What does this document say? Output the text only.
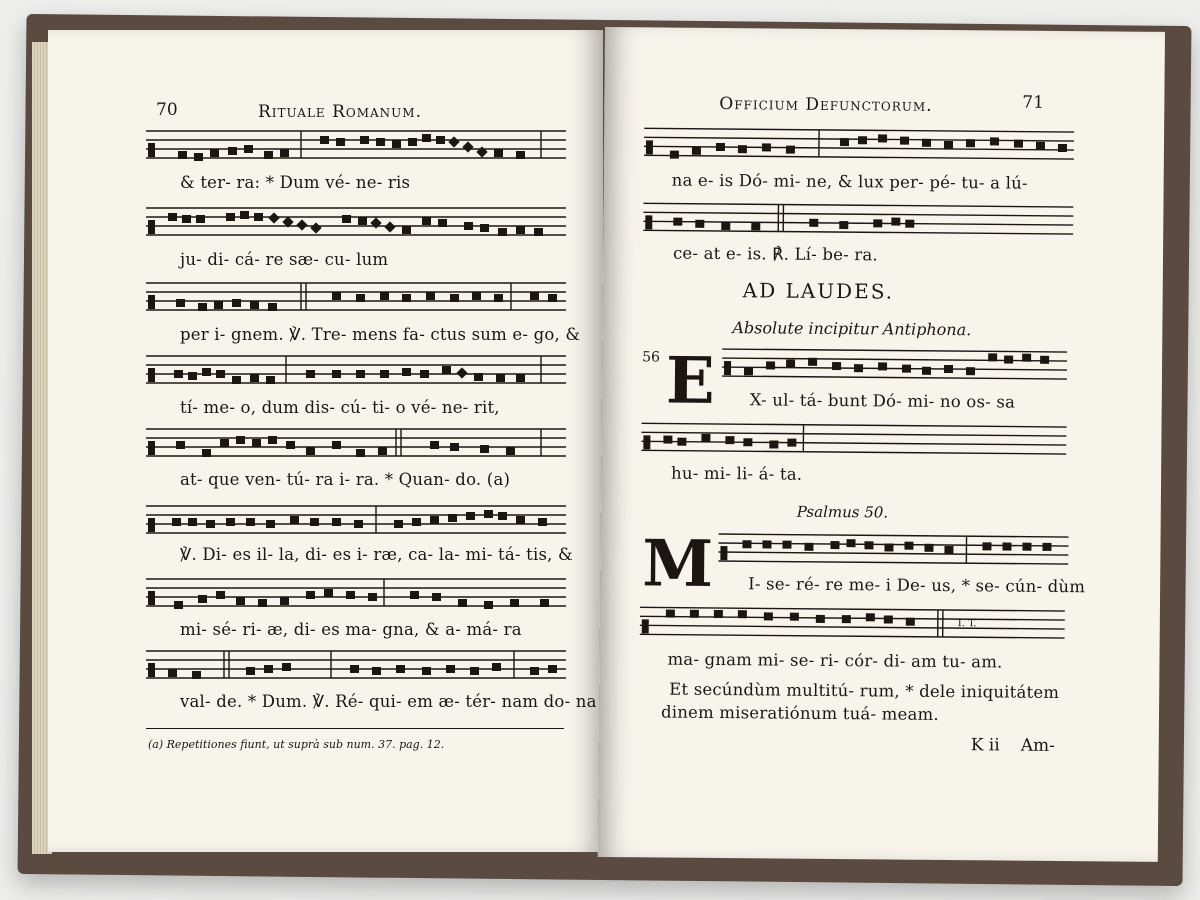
70	Rituale Romanum.
& ter- ra: * Dum vé- ne- ris
ju- di- cá- re sæ- cu- lum
per i- gnem. ℣. Tre- mens fa- ctus sum e- go, &
tí- me- o, dum dis- cú- ti- o vé- ne- rit,
at- que ven- tú- ra i- ra. * Quan- do. (a)
℣. Di- es il- la, di- es i- ræ, ca- la- mi- tá- tis, &
mi- sé- ri- æ, di- es ma- gna, & a- má- ra
val- de. * Dum. ℣. Ré- qui- em æ- tér- nam do- na
(a) Repetitiones fiunt, ut suprà sub num. 37. pag. 12.
Officium Defunctorum.	71
na e- is Dó- mi- ne, & lux per- pé- tu- a lú-
ce- at e- is. ℟. Lí- be- ra.
AD LAUDES.
Absolute incipitur Antiphona.
56 E X- ul- tá- bunt Dó- mi- no os- sa
hu- mi- li- á- ta.
Psalmus 50.
M I- se- ré- re me- i De- us, * se- cún- dùm
I. T.
ma- gnam mi- se- ri- cór- di- am tu- am.
Et secúndùm multitú- rum, * dele iniquitátem
dinem miseratiónum tuá- meam.
K ii Am-
